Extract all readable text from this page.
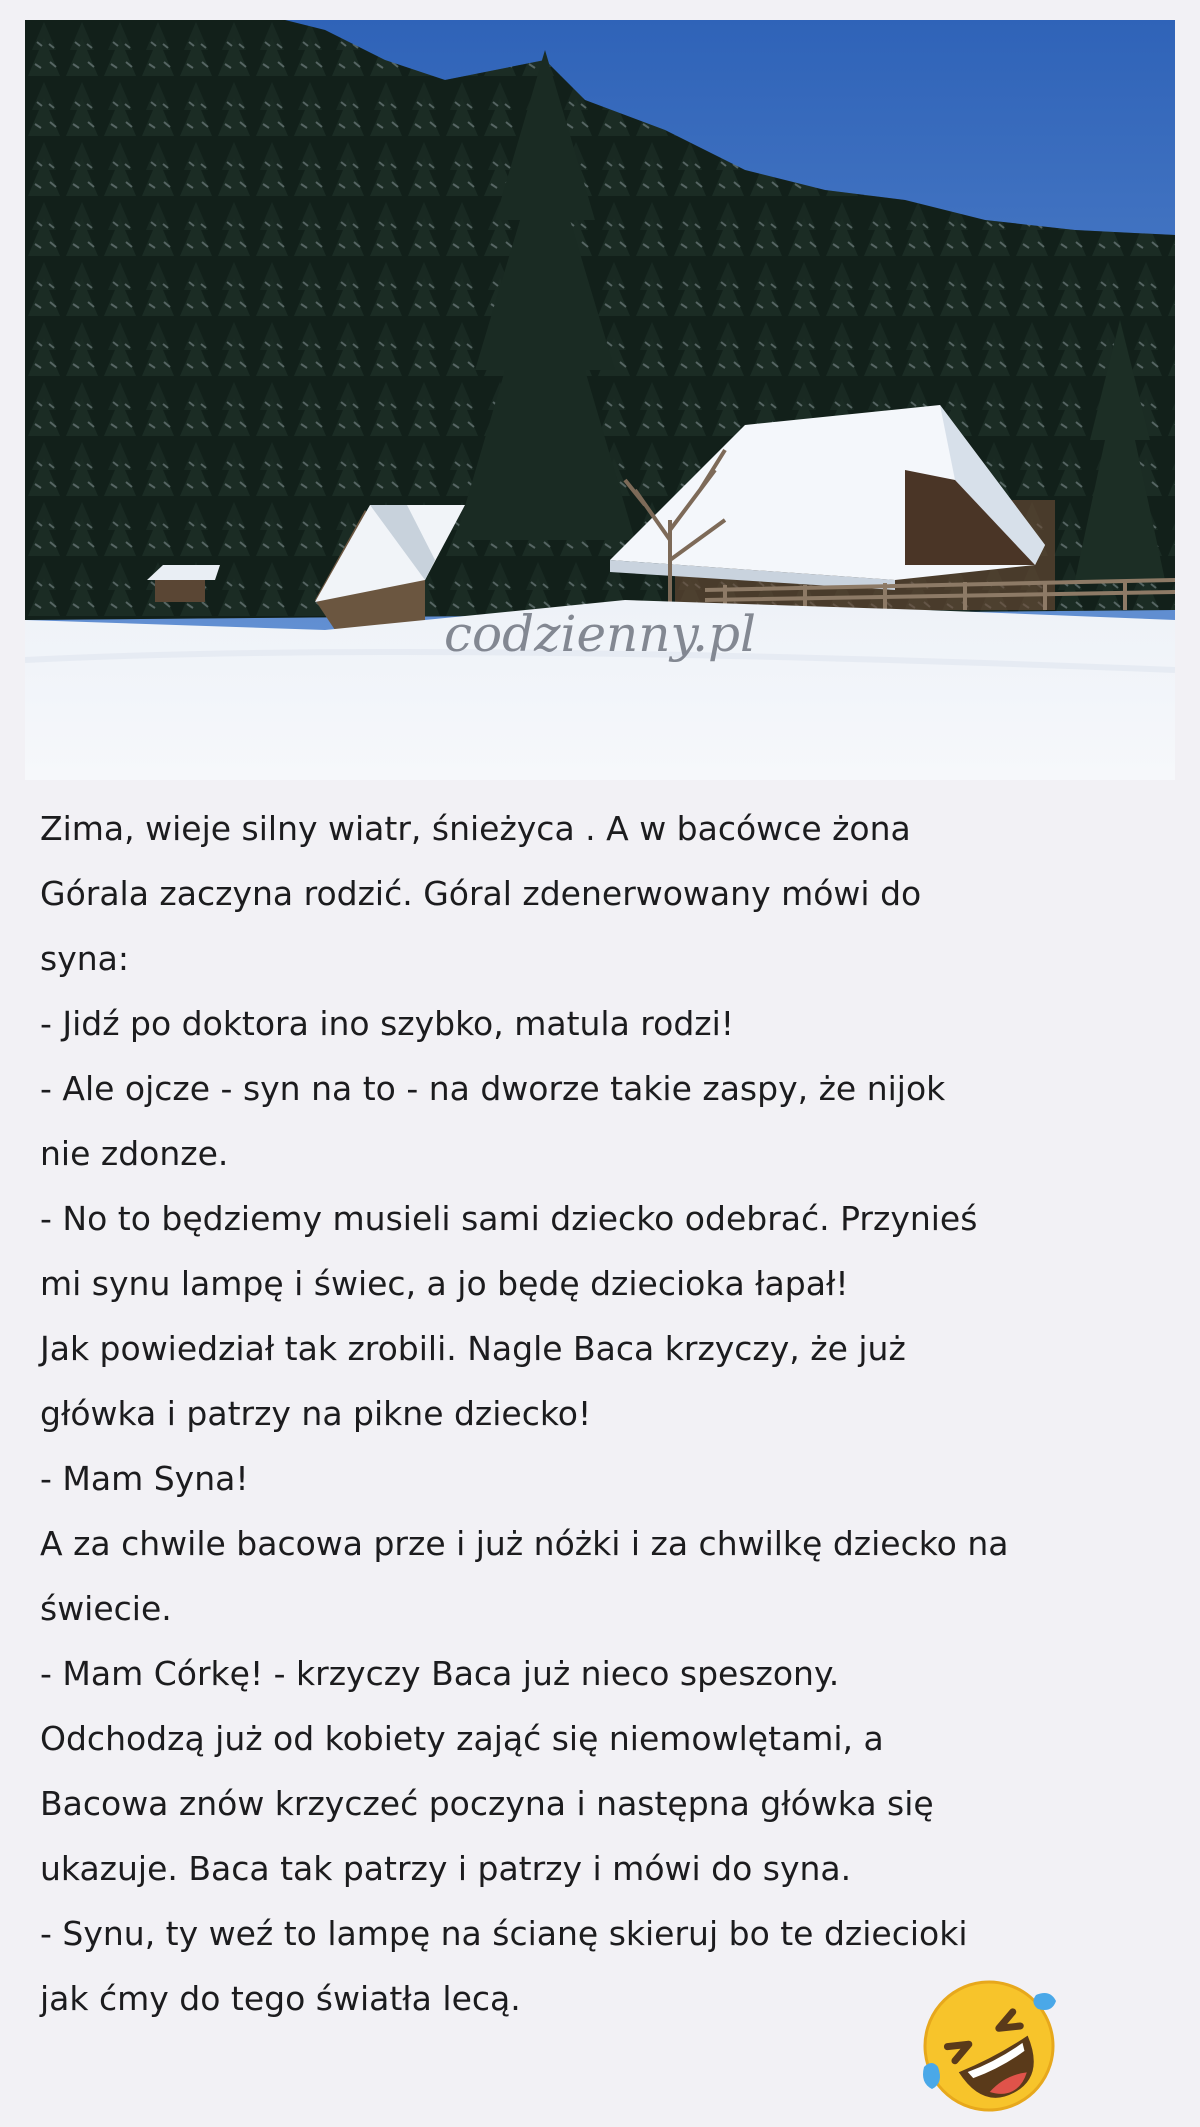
codzienny.pl
Zima, wieje silny wiatr, śnieżyca . A w bacówce żona
Górala zaczyna rodzić. Góral zdenerwowany mówi do
syna:
- Jidź po doktora ino szybko, matula rodzi!
- Ale ojcze - syn na to - na dworze takie zaspy, że nijok
nie zdonze.
- No to będziemy musieli sami dziecko odebrać. Przynieś
mi synu lampę i świec, a jo będę dzieciokа łapał!
Jak powiedział tak zrobili. Nagle Baca krzyczy, że już
główka i patrzy na pikne dziecko!
- Mam Syna!
A za chwile bacowa prze i już nóżki i za chwilkę dziecko na
świecie.
- Mam Córkę! - krzyczy Baca już nieco speszony.
Odchodzą już od kobiety zająć się niemowlętami, a
Bacowa znów krzyczeć poczyna i następna główka się
ukazuje. Baca tak patrzy i patrzy i mówi do syna.
- Synu, ty weź to lampę na ścianę skieruj bo te dziecioki
jak ćmy do tego światła lecą.
